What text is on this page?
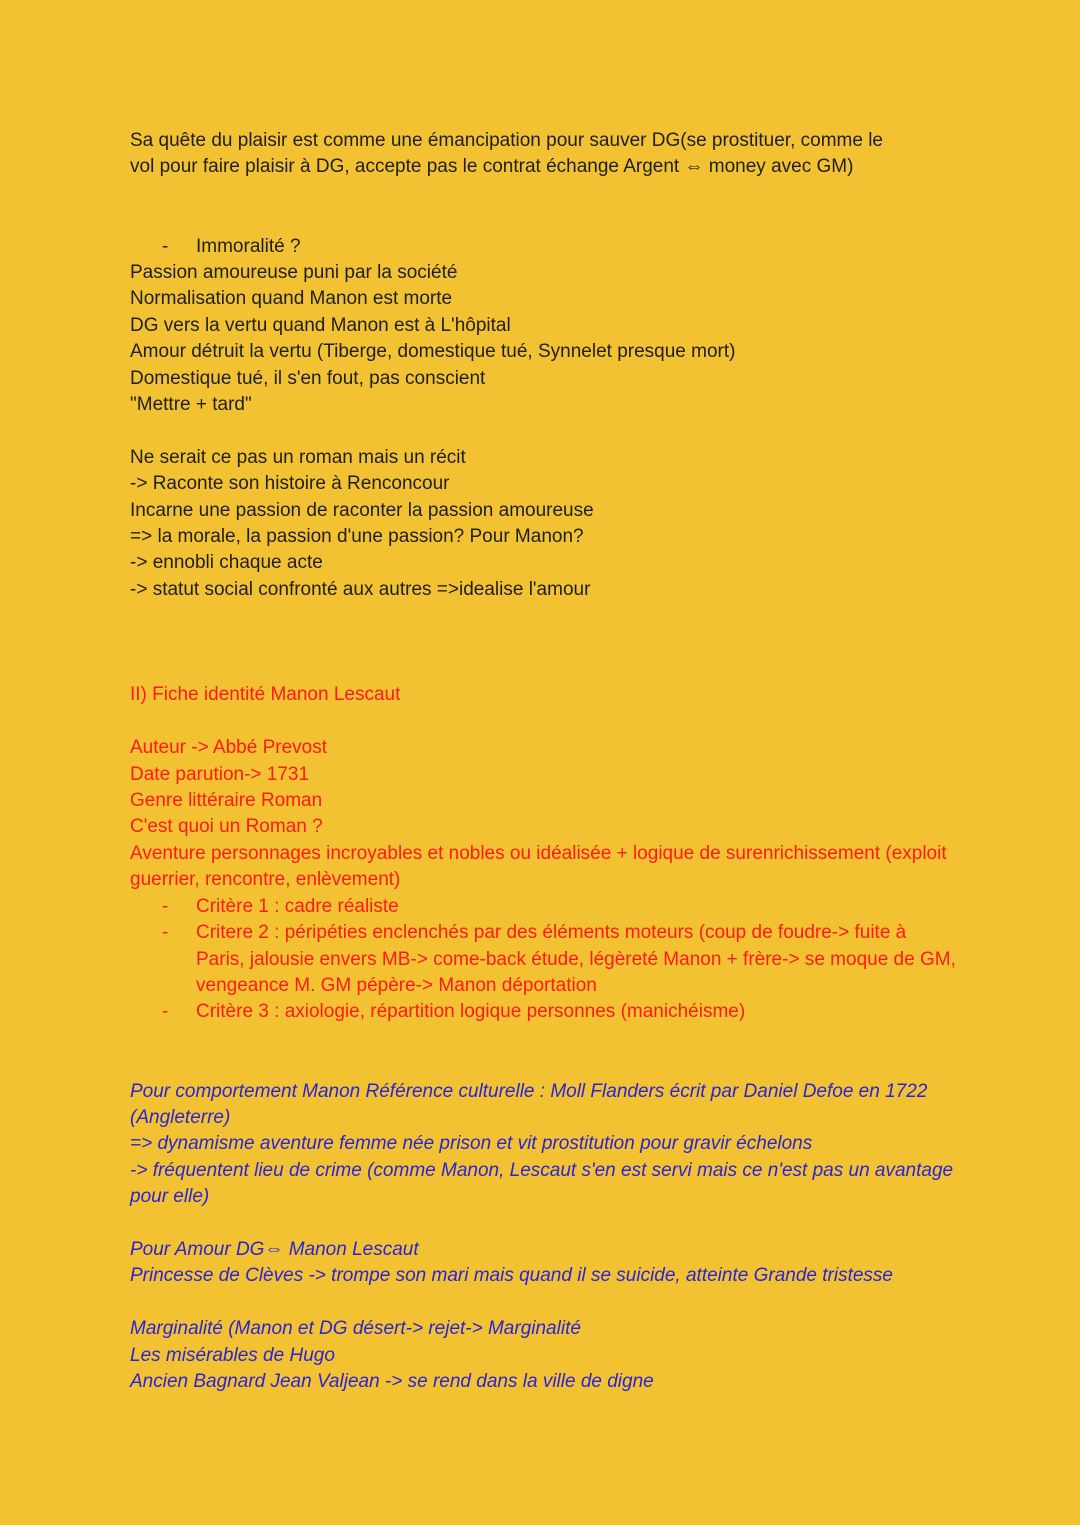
Sa quête du plaisir est comme une émancipation pour sauver DG(se prostituer, comme le

vol pour faire plaisir à DG, accepte pas le contrat échange Argent ⇔ money avec GM)

- Immoralité ?

Passion amoureuse puni par la société

Normalisation quand Manon est morte

DG vers la vertu quand Manon est à L'hôpital

Amour détruit la vertu (Tiberge, domestique tué, Synnelet presque mort)

Domestique tué, il s'en fout, pas conscient

"Mettre + tard"

Ne serait ce pas un roman mais un récit

-> Raconte son histoire à Renconcour

Incarne une passion de raconter la passion amoureuse

=> la morale, la passion d'une passion? Pour Manon?

-> ennobli chaque acte

-> statut social confronté aux autres =>idealise l'amour

II) Fiche identité Manon Lescaut

Auteur -> Abbé Prevost

Date parution-> 1731

Genre littéraire Roman

C'est quoi un Roman ?

Aventure personnages incroyables et nobles ou idéalisée + logique de surenrichissement (exploit guerrier, rencontre, enlèvement)

- Critère 1 : cadre réaliste

- Critere 2 : péripéties enclenchés par des éléments moteurs (coup de foudre-> fuite à Paris, jalousie envers MB-> come-back étude, légèreté Manon + frère-> se moque de GM, vengeance M. GM pépère-> Manon déportation

- Critère 3 : axiologie, répartition logique personnes (manichéisme)

Pour comportement Manon Référence culturelle : Moll Flanders écrit par Daniel Defoe en 1722 (Angleterre)

=> dynamisme aventure femme née prison et vit prostitution pour gravir échelons

-> fréquentent lieu de crime (comme Manon, Lescaut s'en est servi mais ce n'est pas un avantage pour elle)

Pour Amour DG⇔ Manon Lescaut

Princesse de Clèves -> trompe son mari mais quand il se suicide, atteinte Grande tristesse

Marginalité (Manon et DG désert-> rejet-> Marginalité

Les misérables de Hugo

Ancien Bagnard Jean Valjean -> se rend dans la ville de digne
